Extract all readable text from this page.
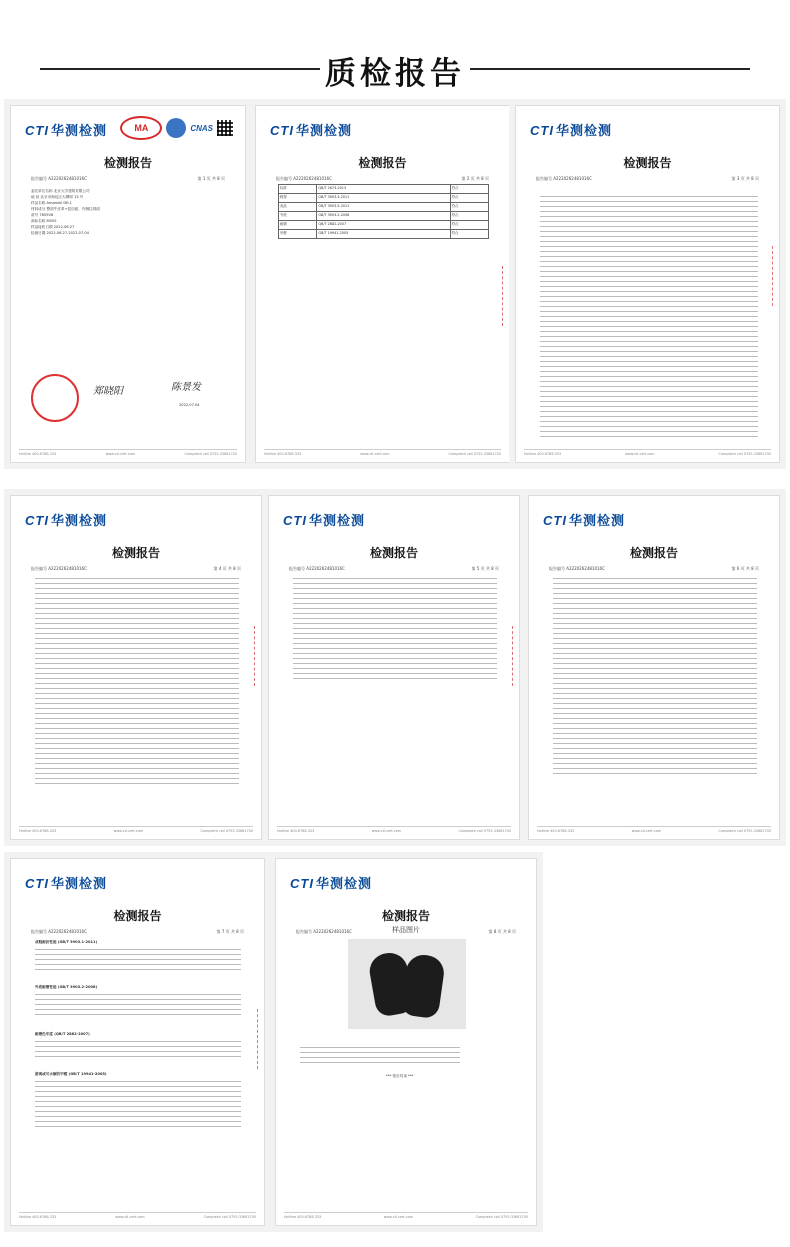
质检报告
CTI 华测检测	MA	CNAS
检测报告
报告编号 A2220262481016C	第 1 页 共 8 页
委托单位名称 北京大学建筑有限公司
地 址 北京市海淀区大柳树 13 号
样品名称 Amamiki DR.1
材料成分 整面牛皮革+混纺面，内侧拉绒面
款号 7655V6
商标名称 M005
样品接收日期 2022.06.27
检测日期 2022.06.27-2022.07.04
郑晓阳	陈景发
2022.07.04
Hotline 400-6788-333	www.cti-cert.com	Complaint call 0755-33681700
CTI 华测检测
检测报告
报告编号 A2220262481016C	第 2 页 共 8 页
标准	QB/T 2673-2013	符合
鞋帮	GB/T 3903.3-2011	符合
成品	GB/T 3903.5-2011	符合
外底	GB/T 3903.2-2008	符合
耐磨	QB/T 2882-2007	符合
甲醛	GB/T 19941-2005	符合
Hotline 400-6788-333	www.cti-cert.com	Complaint call 0755-33681700
CTI 华测检测
检测报告
报告编号 A2220262481016C	第 3 页 共 8 页
Hotline 400-6788-333	www.cti-cert.com	Complaint call 0755-33681700
CTI 华测检测
检测报告
报告编号 A2220262481016C	第 4 页 共 8 页
Hotline 400-6788-333	www.cti-cert.com	Complaint call 0755-33681700
CTI 华测检测
检测报告
报告编号 A2220262481016C	第 5 页 共 8 页
Hotline 400-6788-333	www.cti-cert.com	Complaint call 0755-33681700
CTI 华测检测
检测报告
报告编号 A2220262481016C	第 6 页 共 8 页
Hotline 400-6788-333	www.cti-cert.com	Complaint call 0755-33681700
CTI 华测检测
检测报告
报告编号 A2220262481016C	第 7 页 共 8 页
成鞋耐折性能 (GB/T 3903.1-2011)
外底耐磨性能 (GB/T 3903.2-2008)
耐磨色牢度 (QB/T 2882-2007)
游离或可水解的甲醛 (GB/T 19941-2005)
Hotline 400-6788-333	www.cti-cert.com	Complaint call 0755-33681700
CTI 华测检测
检测报告
报告编号 A2220262481016C	第 8 页 共 8 页
样品图片
*** 报告结束 ***
Hotline 400-6788-333	www.cti-cert.com	Complaint call 0755-33681700
